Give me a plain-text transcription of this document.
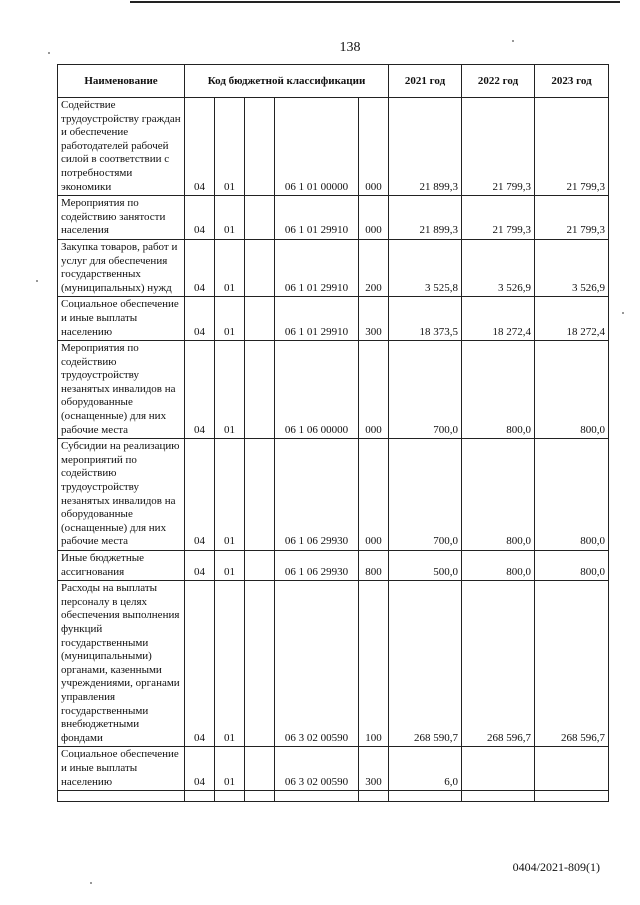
138
Наименование	Код бюджетной классификации					2021 год	2022 год	2023 год
Содействие трудоустройству граждан и обеспечение работодателей рабочей силой в соответствии с потребностями экономики	04	01		06 1 01 00000	000	21 899,3	21 799,3	21 799,3
Мероприятия по содействию занятости населения	04	01		06 1 01 29910	000	21 899,3	21 799,3	21 799,3
Закупка товаров, работ и услуг для обеспечения государственных (муниципальных) нужд	04	01		06 1 01 29910	200	3 525,8	3 526,9	3 526,9
Социальное обеспечение и иные выплаты населению	04	01		06 1 01 29910	300	18 373,5	18 272,4	18 272,4
Мероприятия по содействию трудоустройству незанятых инвалидов на оборудованные (оснащенные) для них рабочие места	04	01		06 1 06 00000	000	700,0	800,0	800,0
Субсидии на реализацию мероприятий по содействию трудоустройству незанятых инвалидов на оборудованные (оснащенные) для них рабочие места	04	01		06 1 06 29930	000	700,0	800,0	800,0
Иные бюджетные ассигнования	04	01		06 1 06 29930	800	500,0	800,0	800,0
Расходы на выплаты персоналу в целях обеспечения выполнения функций государственными (муниципальными) органами, казенными учреждениями, органами управления государственными внебюджетными фондами	04	01		06 3 02 00590	100	268 590,7	268 596,7	268 596,7
Социальное обеспечение и иные выплаты населению	04	01		06 3 02 00590	300	6,0		

0404/2021-809(1)
